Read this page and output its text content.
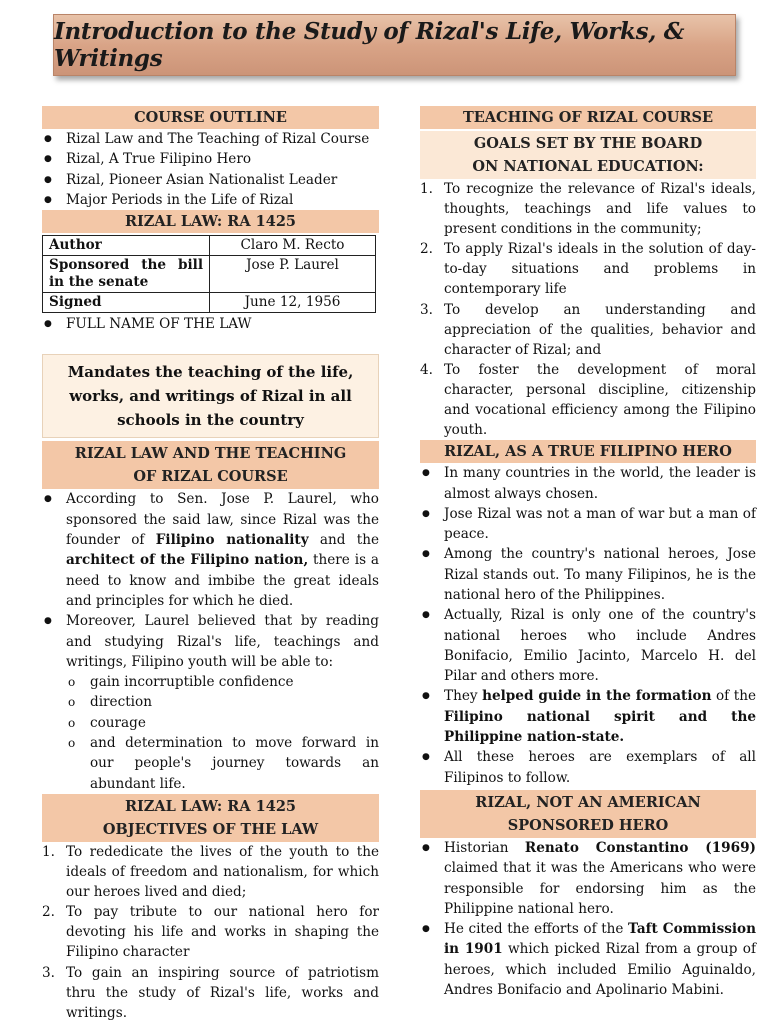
Introduction to the Study of Rizal's Life, Works, & Writings
COURSE OUTLINE
● Rizal Law and The Teaching of Rizal Course
● Rizal, A True Filipino Hero
● Rizal, Pioneer Asian Nationalist Leader
● Major Periods in the Life of Rizal
RIZAL LAW: RA 1425
Author	Claro M. Recto
Sponsored the bill in the senate	Jose P. Laurel
Signed	June 12, 1956
● FULL NAME OF THE LAW
Mandates the teaching of the life, works, and writings of Rizal in all schools in the country
RIZAL LAW AND THE TEACHING
OF RIZAL COURSE
● According to Sen. Jose P. Laurel, who sponsored the said law, since Rizal was the founder of Filipino nationality and the architect of the Filipino nation, there is a need to know and imbibe the great ideals and principles for which he died.
● Moreover, Laurel believed that by reading and studying Rizal's life, teachings and writings, Filipino youth will be able to:
o gain incorruptible confidence
o direction
o courage
o and determination to move forward in our people's journey towards an abundant life.
RIZAL LAW: RA 1425
OBJECTIVES OF THE LAW
1. To rededicate the lives of the youth to the ideals of freedom and nationalism, for which our heroes lived and died;
2. To pay tribute to our national hero for devoting his life and works in shaping the Filipino character
3. To gain an inspiring source of patriotism thru the study of Rizal's life, works and writings.
TEACHING OF RIZAL COURSE
GOALS SET BY THE BOARD
ON NATIONAL EDUCATION:
1. To recognize the relevance of Rizal's ideals, thoughts, teachings and life values to present conditions in the community;
2. To apply Rizal's ideals in the solution of day-to-day situations and problems in contemporary life
3. To develop an understanding and appreciation of the qualities, behavior and character of Rizal; and
4. To foster the development of moral character, personal discipline, citizenship and vocational efficiency among the Filipino youth.
RIZAL, AS A TRUE FILIPINO HERO
● In many countries in the world, the leader is almost always chosen.
● Jose Rizal was not a man of war but a man of peace.
● Among the country's national heroes, Jose Rizal stands out. To many Filipinos, he is the national hero of the Philippines.
● Actually, Rizal is only one of the country's national heroes who include Andres Bonifacio, Emilio Jacinto, Marcelo H. del Pilar and others more.
● They helped guide in the formation of the Filipino national spirit and the Philippine nation-state.
● All these heroes are exemplars of all Filipinos to follow.
RIZAL, NOT AN AMERICAN
SPONSORED HERO
● Historian Renato Constantino (1969) claimed that it was the Americans who were responsible for endorsing him as the Philippine national hero.
● He cited the efforts of the Taft Commission in 1901 which picked Rizal from a group of heroes, which included Emilio Aguinaldo, Andres Bonifacio and Apolinario Mabini.
